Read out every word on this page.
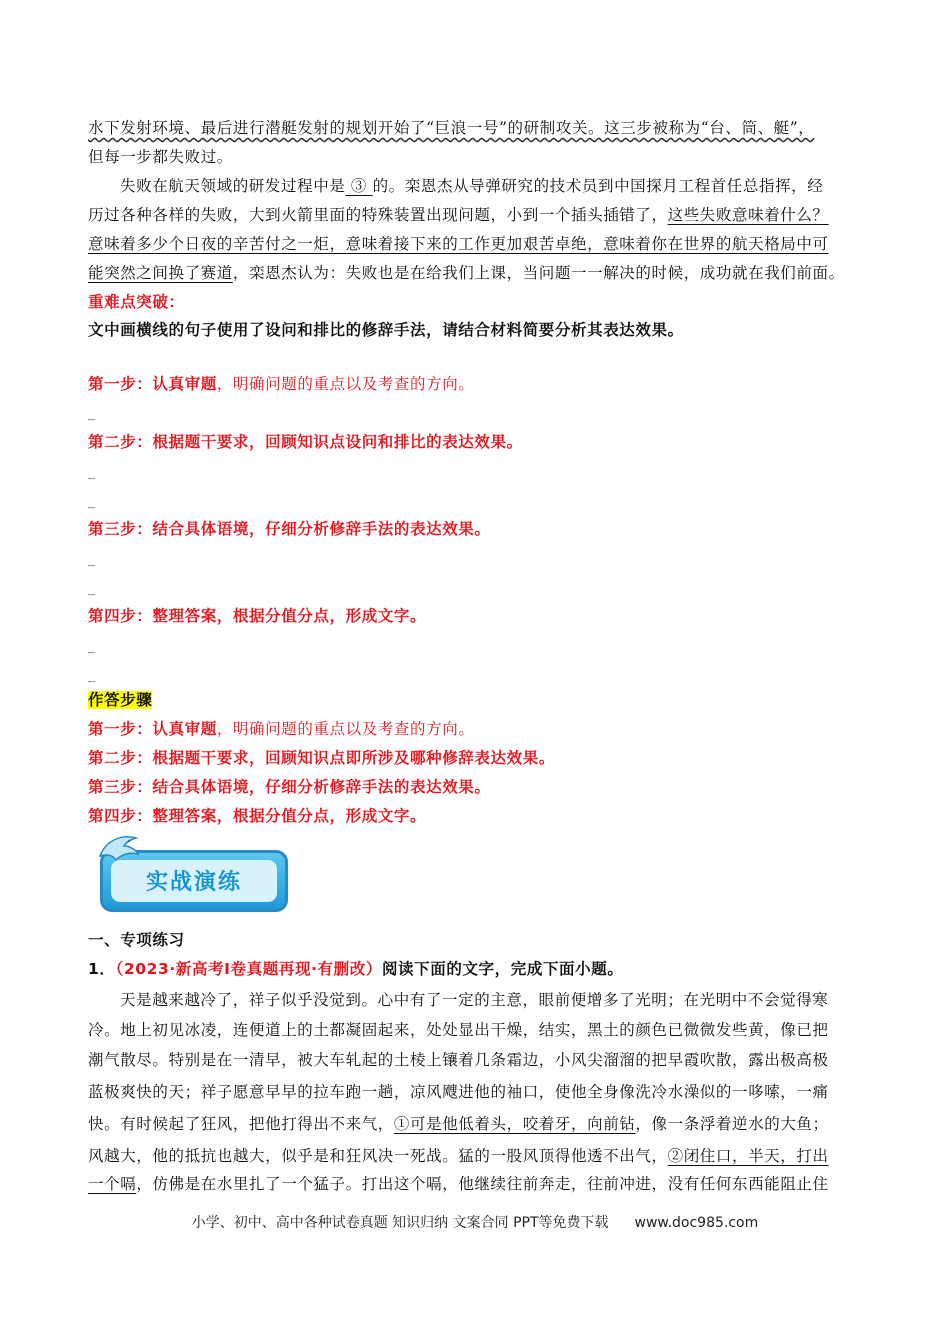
水下发射环境、最后进行潜艇发射的规划开始了“巨浪一号”的研制攻关。这三步被称为“台、筒、艇”，
但每一步都失败过。
失败在航天领域的研发过程中是 ③ 的。栾恩杰从导弹研究的技术员到中国探月工程首任总指挥，经
历过各种各样的失败，大到火箭里面的特殊装置出现问题，小到一个插头插错了，这些失败意味着什么？
意味着多少个日夜的辛苦付之一炬，意味着接下来的工作更加艰苦卓绝，意味着你在世界的航天格局中可
能突然之间换了赛道，栾恩杰认为：失败也是在给我们上课，当问题一一解决的时候，成功就在我们前面。
重难点突破：
文中画横线的句子使用了设问和排比的修辞手法，请结合材料简要分析其表达效果。
第一步：认真审题，明确问题的重点以及考查的方向。
_
第二步：根据题干要求，回顾知识点设问和排比的表达效果。
_
_
第三步：结合具体语境，仔细分析修辞手法的表达效果。
_
_
第四步：整理答案，根据分值分点，形成文字。
_
_
作答步骤
第一步：认真审题，明确问题的重点以及考查的方向。
第二步：根据题干要求，回顾知识点即所涉及哪种修辞表达效果。
第三步：结合具体语境，仔细分析修辞手法的表达效果。
第四步：整理答案，根据分值分点，形成文字。
实战演练
一、专项练习
1．（2023·新高考Ⅰ卷真题再现·有删改）阅读下面的文字，完成下面小题。
天是越来越冷了，祥子似乎没觉到。心中有了一定的主意，眼前便增多了光明；在光明中不会觉得寒
冷。地上初见冰凌，连便道上的土都凝固起来，处处显出干燥，结实，黑土的颜色已微微发些黄，像已把
潮气散尽。特别是在一清早，被大车轧起的土棱上镶着几条霜边，小风尖溜溜的把早霞吹散，露出极高极
蓝极爽快的天；祥子愿意早早的拉车跑一趟，凉风飕进他的袖口，使他全身像洗冷水澡似的一哆嗦，一痛
快。有时候起了狂风，把他打得出不来气，①可是他低着头，咬着牙，向前钻，像一条浮着逆水的大鱼；
风越大，他的抵抗也越大，似乎是和狂风决一死战。猛的一股风顶得他透不出气，②闭住口，半天，打出
一个嗝，仿佛是在水里扎了一个猛子。打出这个嗝，他继续往前奔走，往前冲进，没有任何东西能阻止住
小学、初中、高中各种试卷真题 知识归纳 文案合同 PPT等免费下载 www.doc985.com
